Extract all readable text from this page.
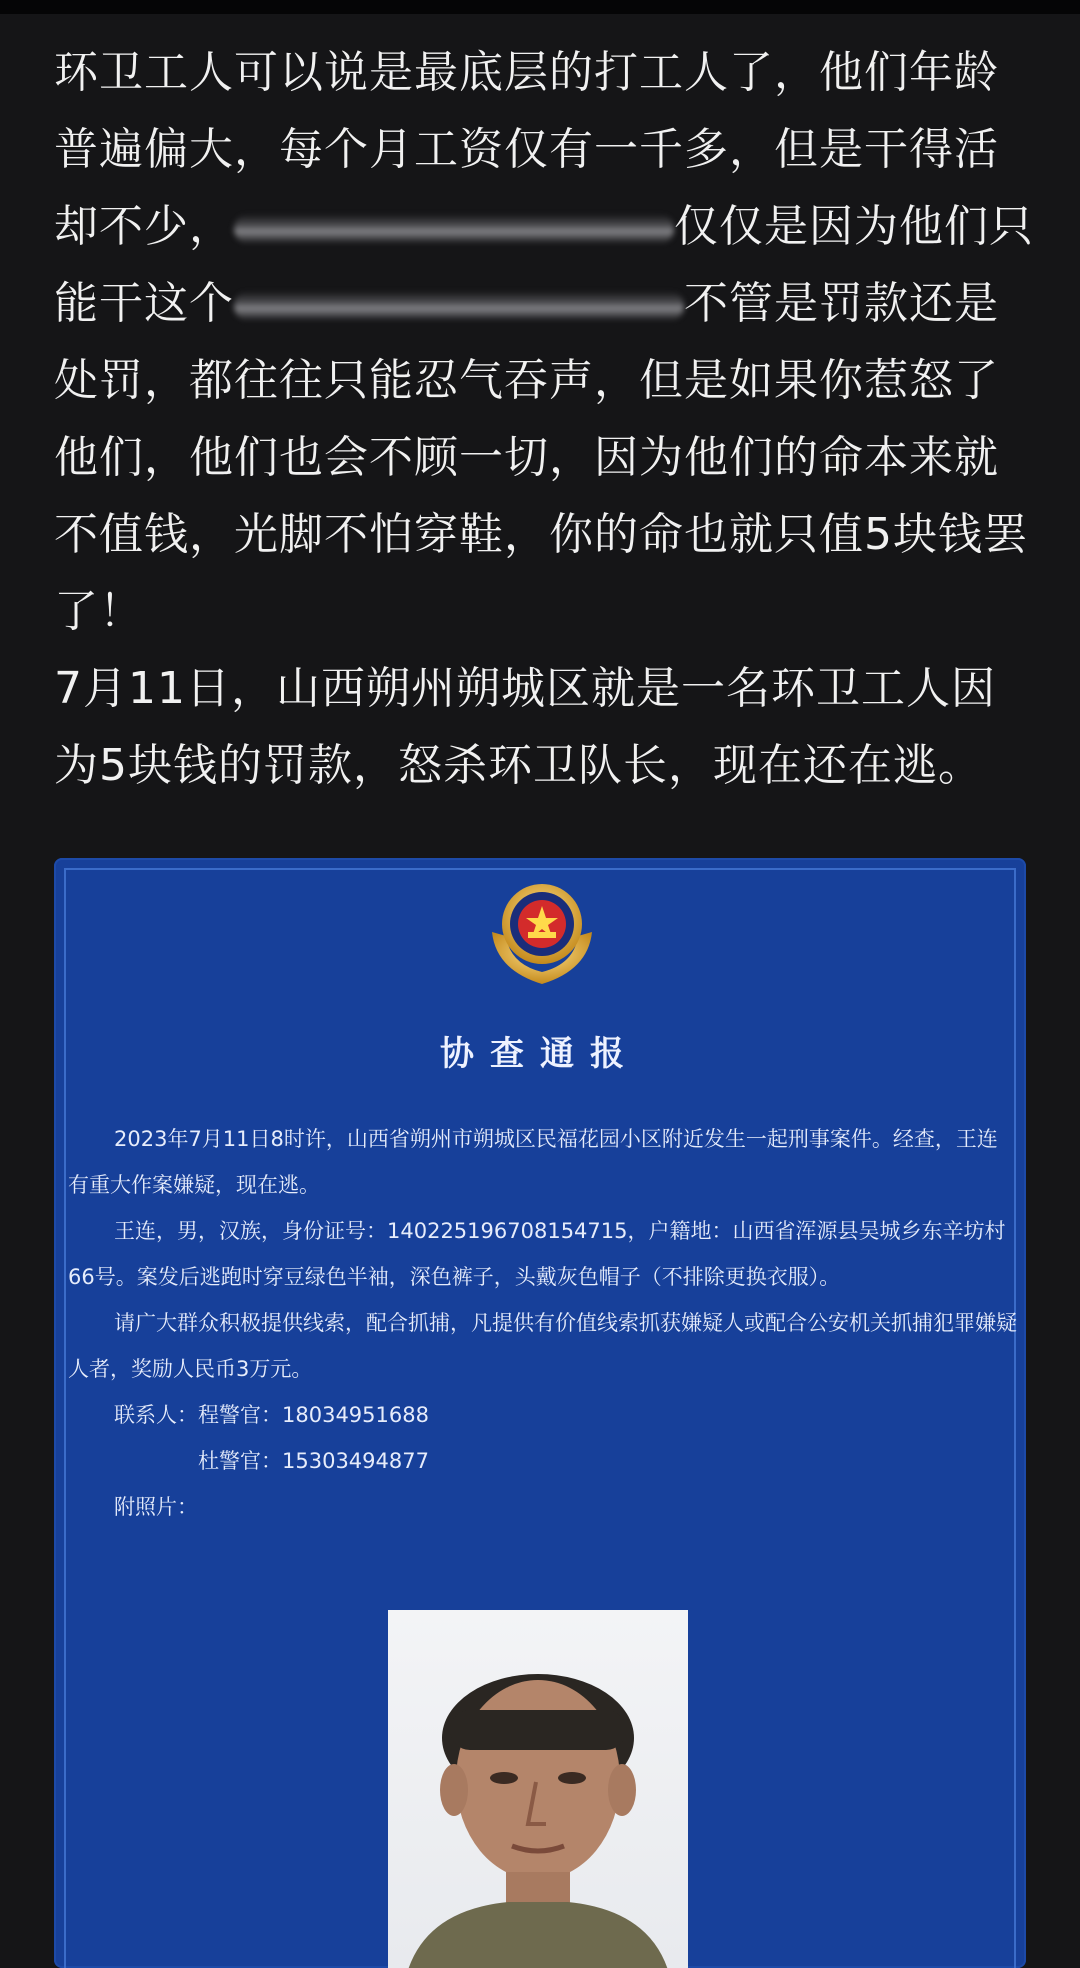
环卫工人可以说是最底层的打工人了，他们年龄普遍偏大，每个月工资仅有一千多，但是干得活却不少，	仅仅是因为他们只能干这个	不管是罚款还是处罚，都往往只能忍气吞声，但是如果你惹怒了他们，他们也会不顾一切，因为他们的命本来就不值钱，光脚不怕穿鞋，你的命也就只值5块钱罢了！

7月11日，山西朔州朔城区就是一名环卫工人因为5块钱的罚款，怒杀环卫队长，现在还在逃。

协查通报

2023年7月11日8时许，山西省朔州市朔城区民福花园小区附近发生一起刑事案件。经查，王连有重大作案嫌疑，现在逃。

王连，男，汉族，身份证号：140225196708154715，户籍地：山西省浑源县吴城乡东辛坊村66号。案发后逃跑时穿豆绿色半袖，深色裤子，头戴灰色帽子（不排除更换衣服）。

请广大群众积极提供线索，配合抓捕，凡提供有价值线索抓获嫌疑人或配合公安机关抓捕犯罪嫌疑人者，奖励人民币3万元。

联系人：程警官：18034951688

杜警官：15303494877

附照片：
